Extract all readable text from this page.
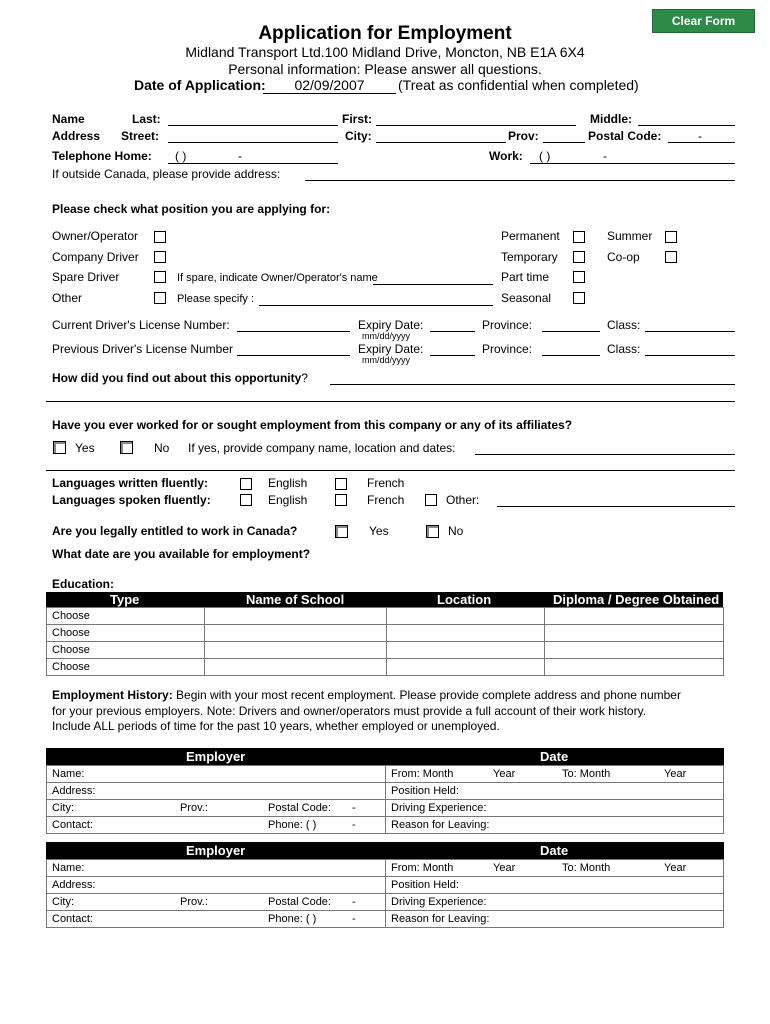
Clear Form
Application for Employment
Midland Transport Ltd.100 Midland Drive, Moncton, NB E1A 6X4
Personal information: Please answer all questions.
Date of Application:	02/09/2007	(Treat as confidential when completed)
Name	Last:	First:	Middle:
Address Street:	City:	Prov:	Postal Code:	-
Telephone Home: ( )	-	Work: ( )	-
If outside Canada, please provide address:
Please check what position you are applying for:
Owner/Operator
Company Driver
Spare Driver	If spare, indicate Owner/Operator's name
Other	Please specify :
Permanent
Temporary
Part time
Seasonal
Summer
Co-op
Current Driver's License Number:	Expiry Date:
mm/dd/yyyy
Province:	Class:
Previous Driver's License Number	Expiry Date:
mm/dd/yyyy
Province:	Class:
How did you find out about this opportunity?
Have you ever worked for or sought employment from this company or any of its affiliates?
Yes	No If yes, provide company name, location and dates:
Languages written fluently:	English	French
Languages spoken fluently:	English	French	Other:
Are you legally entitled to work in Canada?	Yes	No
What date are you available for employment?
Education:
Type	Name of School	Location	Diploma / Degree Obtained
Choose			
Choose			
Choose			
Choose			
Employment History: Begin with your most recent employment. Please provide complete address and phone number
for your previous employers. Note: Drivers and owner/operators must provide a full account of their work history.
Include ALL periods of time for the past 10 years, whether employed or unemployed.
Employer	Date
Name:	From: Month Year To: Month Year

Address:	Position Held:
City: Prov.: Postal Code: -	Driving Experience:
Contact: Phone: ( ) -	Reason for Leaving:
Employer	Date
Name:	From: Month Year To: Month Year

Address:	Position Held:
City: Prov.: Postal Code: -	Driving Experience:
Contact: Phone: ( ) -	Reason for Leaving:
